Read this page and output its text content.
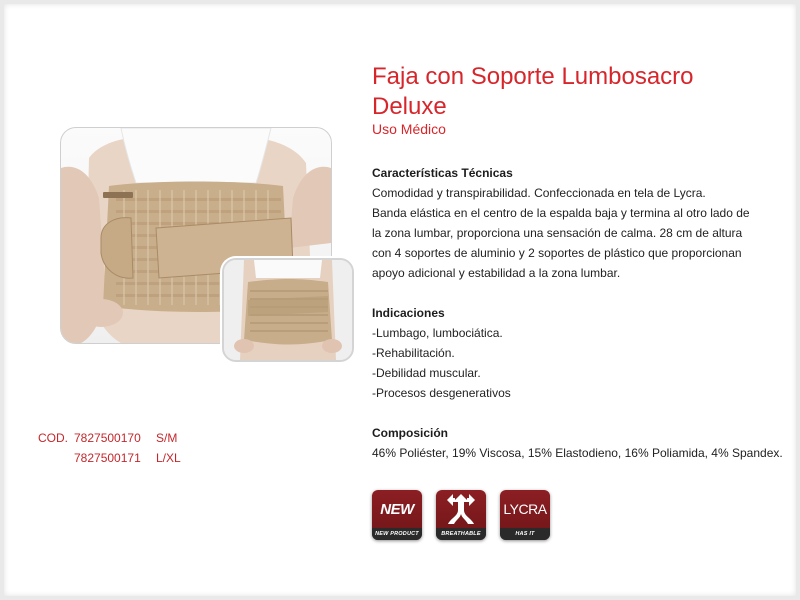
Faja con Soporte Lumbosacro Deluxe
Uso Médico
Características Técnicas

Comodidad y transpirabilidad. Confeccionada en tela de Lycra.

Banda elástica en el centro de la espalda baja y termina al otro lado de

la zona lumbar, proporciona una sensación de calma. 28 cm de altura

con 4 soportes de aluminio y 2 soportes de plástico que proporcionan

apoyo adicional y estabilidad a la zona lumbar.

Indicaciones

-Lumbago, lumbociática.

-Rehabilitación.

-Debilidad muscular.

-Procesos desgenerativos

Composición

46% Poliéster, 19% Viscosa, 15% Elastodieno, 16% Poliamida, 4% Spandex.

COD. 7827500170	S/M
7827500171	L/XL
NEW
NEW PRODUCT	BREATHABLE
LYCRA
HAS IT
